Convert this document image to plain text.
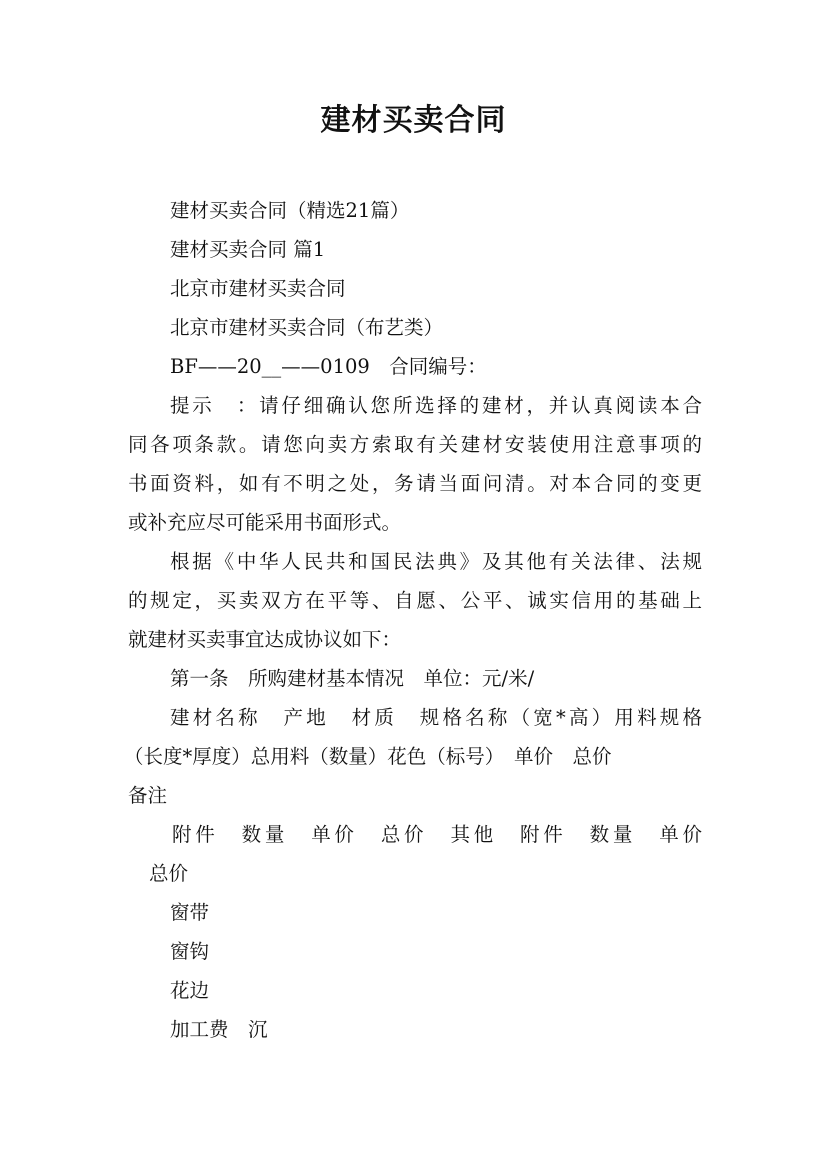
建材买卖合同
建材买卖合同（精选21篇）
建材买卖合同 篇1
北京市建材买卖合同
北京市建材买卖合同（布艺类）
BF——20__——0109　合同编号：
提示　：请仔细确认您所选择的建材，并认真阅读本合
同各项条款。请您向卖方索取有关建材安装使用注意事项的
书面资料，如有不明之处，务请当面问清。对本合同的变更
或补充应尽可能采用书面形式。
根据《中华人民共和国民法典》及其他有关法律、法规
的规定，买卖双方在平等、自愿、公平、诚实信用的基础上
就建材买卖事宜达成协议如下：
第一条　所购建材基本情况　单位：元/米/
建材名称　产地　材质　规格名称（宽*高）用料规格
（长度*厚度）总用料（数量）花色（标号）　单价　总价
备注
附件　数量　单价　总价　其他　附件　数量　单价
总价
窗带
窗钩
花边
加工费　沉
